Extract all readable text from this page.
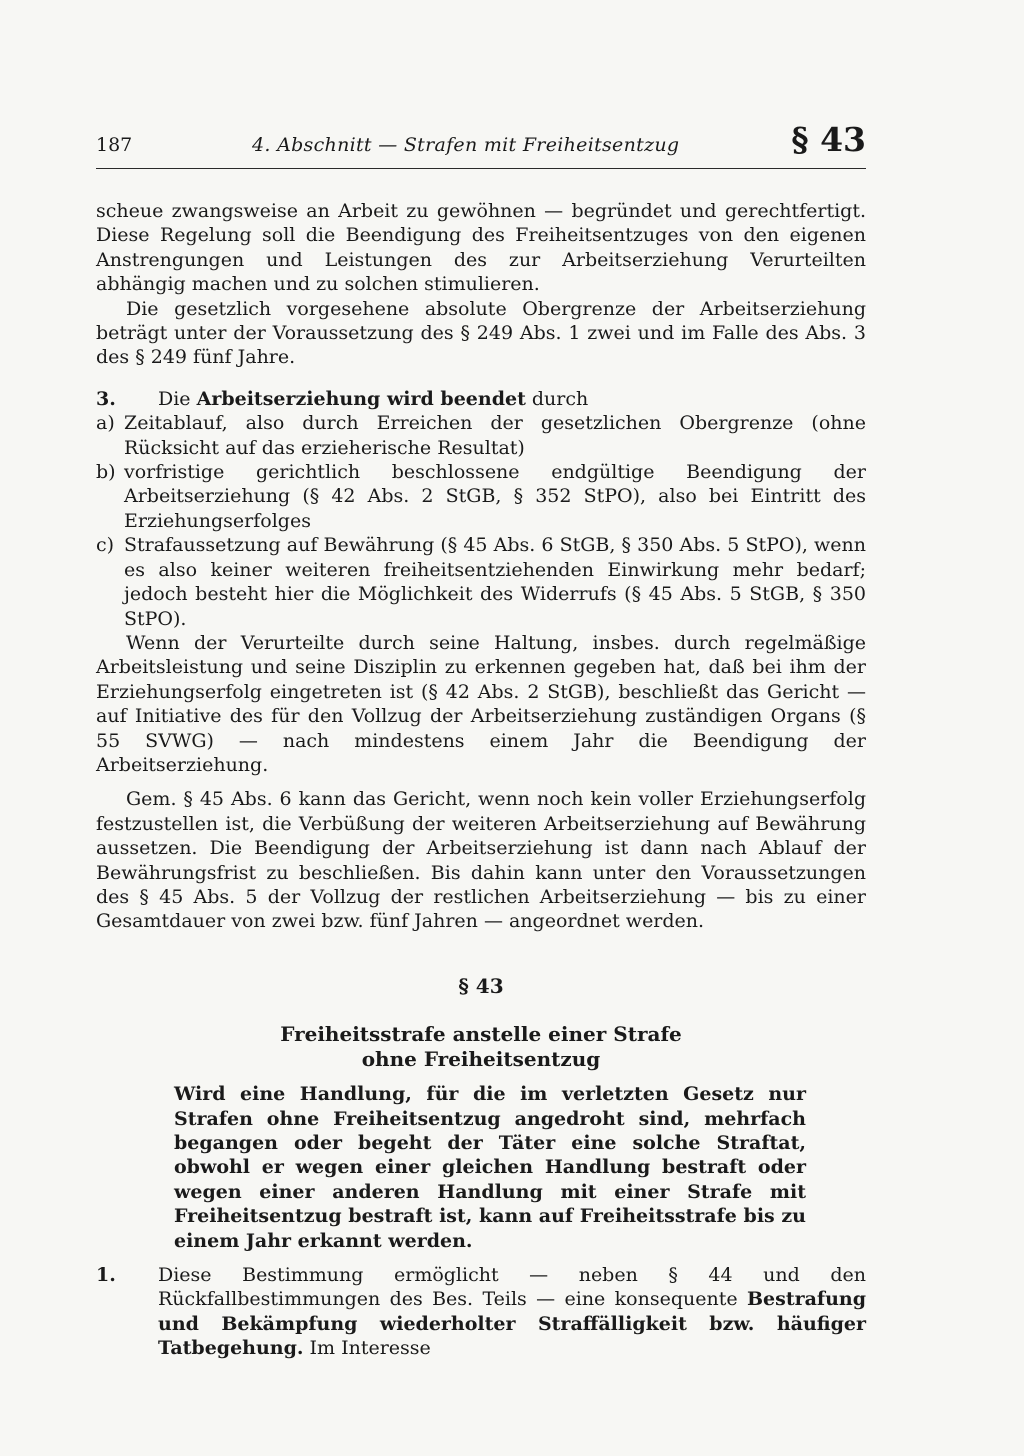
187	4. Abschnitt — Strafen mit Freiheitsentzug	§ 43

scheue zwangsweise an Arbeit zu gewöhnen — begründet und gerechtfertigt. Diese Regelung soll die Beendigung des Freiheitsentzuges von den eigenen Anstrengungen und Leistungen des zur Arbeitserziehung Verurteilten abhängig machen und zu solchen stimulieren.

Die gesetzlich vorgesehene absolute Obergrenze der Arbeitserziehung beträgt unter der Voraussetzung des § 249 Abs. 1 zwei und im Falle des Abs. 3 des § 249 fünf Jahre.

3.	Die Arbeitserziehung wird beendet durch
a) Zeitablauf, also durch Erreichen der gesetzlichen Obergrenze (ohne Rücksicht auf das erzieherische Resultat)
b) vorfristige gerichtlich beschlossene endgültige Beendigung der Arbeitserziehung (§ 42 Abs. 2 StGB, § 352 StPO), also bei Eintritt des Erziehungserfolges
c) Strafaussetzung auf Bewährung (§ 45 Abs. 6 StGB, § 350 Abs. 5 StPO), wenn es also keiner weiteren freiheitsentziehenden Einwirkung mehr bedarf; jedoch besteht hier die Möglichkeit des Widerrufs (§ 45 Abs. 5 StGB, § 350 StPO).

Wenn der Verurteilte durch seine Haltung, insbes. durch regelmäßige Arbeitsleistung und seine Disziplin zu erkennen gegeben hat, daß bei ihm der Erziehungserfolg eingetreten ist (§ 42 Abs. 2 StGB), beschließt das Gericht — auf Initiative des für den Vollzug der Arbeitserziehung zuständigen Organs (§ 55 SVWG) — nach mindestens einem Jahr die Beendigung der Arbeitserziehung.

Gem. § 45 Abs. 6 kann das Gericht, wenn noch kein voller Erziehungserfolg festzustellen ist, die Verbüßung der weiteren Arbeitserziehung auf Bewährung aussetzen. Die Beendigung der Arbeitserziehung ist dann nach Ablauf der Bewährungsfrist zu beschließen. Bis dahin kann unter den Voraussetzungen des § 45 Abs. 5 der Vollzug der restlichen Arbeitserziehung — bis zu einer Gesamtdauer von zwei bzw. fünf Jahren — angeordnet werden.

§ 43
Freiheitsstrafe anstelle einer Strafe
ohne Freiheitsentzug
Wird eine Handlung, für die im verletzten Gesetz nur Strafen ohne Freiheitsentzug angedroht sind, mehrfach begangen oder begeht der Täter eine solche Straftat, obwohl er wegen einer gleichen Handlung bestraft oder wegen einer anderen Handlung mit einer Strafe mit Freiheitsentzug bestraft ist, kann auf Freiheitsstrafe bis zu einem Jahr erkannt werden.
1.	Diese Bestimmung ermöglicht — neben § 44 und den Rückfallbestimmungen des Bes. Teils — eine konsequente Bestrafung und Bekämpfung wiederholter Straffälligkeit bzw. häufiger Tatbegehung. Im Interesse
